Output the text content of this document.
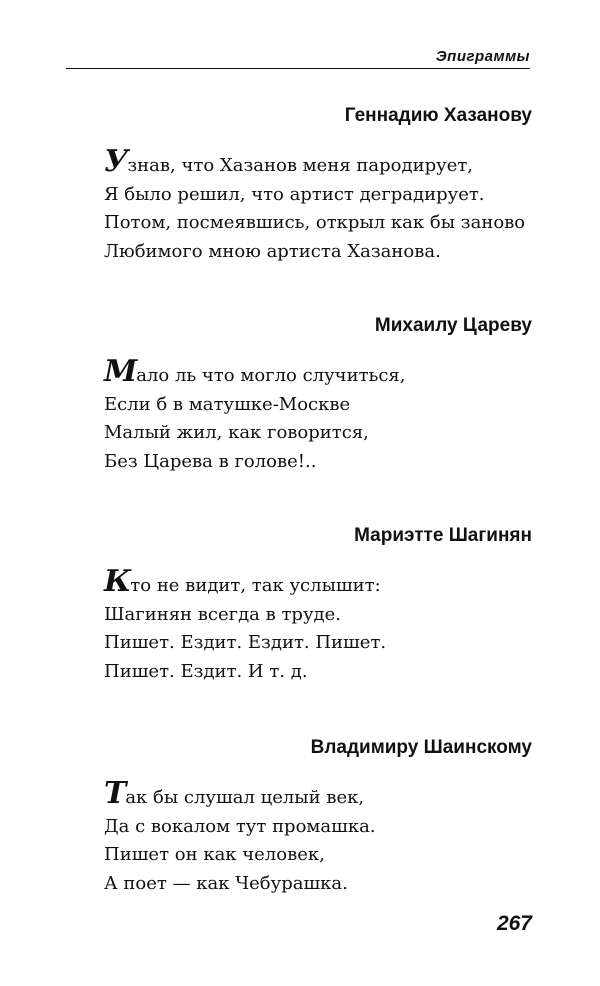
Эпиграммы
Геннадию Хазанову
Узнав, что Хазанов меня пародирует,
Я было решил, что артист деградирует.
Потом, посмеявшись, открыл как бы заново
Любимого мною артиста Хазанова.
Михаилу Цареву
Мало ль что могло случиться,
Если б в матушке-Москве
Малый жил, как говорится,
Без Царева в голове!..
Мариэтте Шагинян
Кто не видит, так услышит:
Шагинян всегда в труде.
Пишет. Ездит. Ездит. Пишет.
Пишет. Ездит. И т. д.
Владимиру Шаинскому
Так бы слушал целый век,
Да с вокалом тут промашка.
Пишет он как человек,
А поет — как Чебурашка.
267
